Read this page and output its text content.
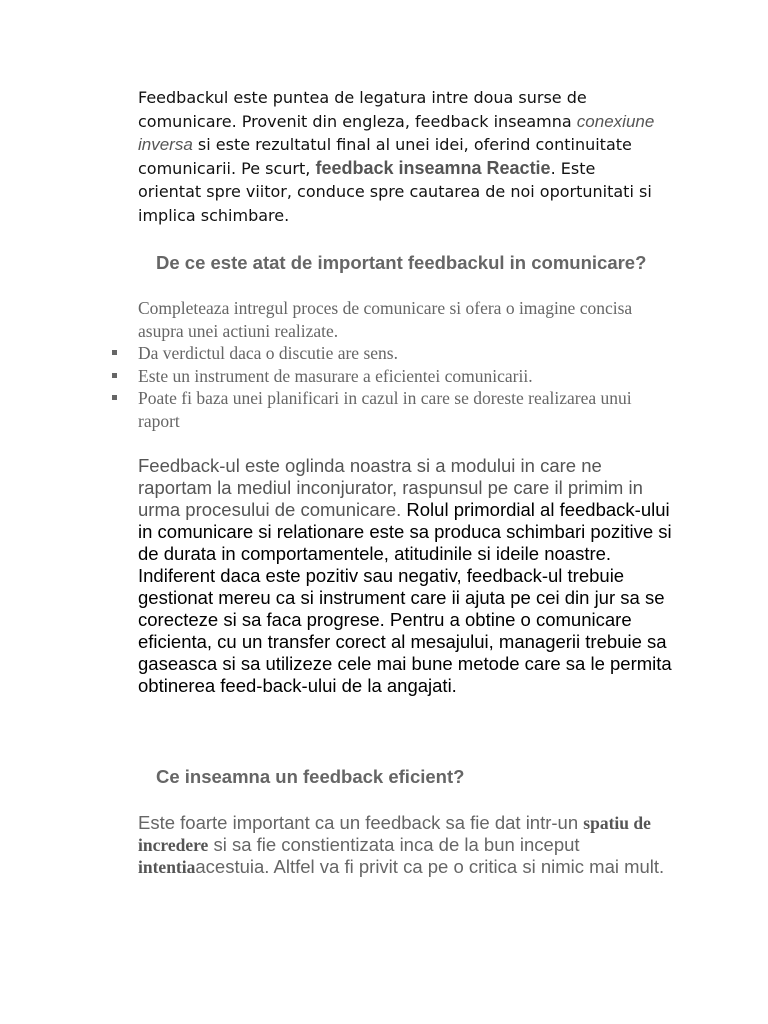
Feedbackul este puntea de legatura intre doua surse de comunicare. Provenit din engleza, feedback inseamna conexiune inversa si este rezultatul final al unei idei, oferind continuitate comunicarii. Pe scurt, feedback inseamna Reactie. Este orientat spre viitor, conduce spre cautarea de noi oportunitati si implica schimbare.

De ce este atat de important feedbackul in comunicare?
Completeaza intregul proces de comunicare si ofera o imagine concisa asupra unei actiuni realizate.
Da verdictul daca o discutie are sens.
Este un instrument de masurare a eficientei comunicarii.
Poate fi baza unei planificari in cazul in care se doreste realizarea unui raport

Feedback-ul este oglinda noastra si a modului in care ne raportam la mediul inconjurator, raspunsul pe care il primim in urma procesului de comunicare. Rolul primordial al feedback-ului in comunicare si relationare este sa produca schimbari pozitive si de durata in comportamentele, atitudinile si ideile noastre. Indiferent daca este pozitiv sau negativ, feedback-ul trebuie gestionat mereu ca si instrument care ii ajuta pe cei din jur sa se corecteze si sa faca progrese. Pentru a obtine o comunicare eficienta, cu un transfer corect al mesajului, managerii trebuie sa gaseasca si sa utilizeze cele mai bune metode care sa le permita obtinerea feed-back-ului de la angajati.

Ce inseamna un feedback eficient?

Este foarte important ca un feedback sa fie dat intr-un spatiu de incredere si sa fie constientizata inca de la bun inceput intentiaacestuia. Altfel va fi privit ca pe o critica si nimic mai mult.
